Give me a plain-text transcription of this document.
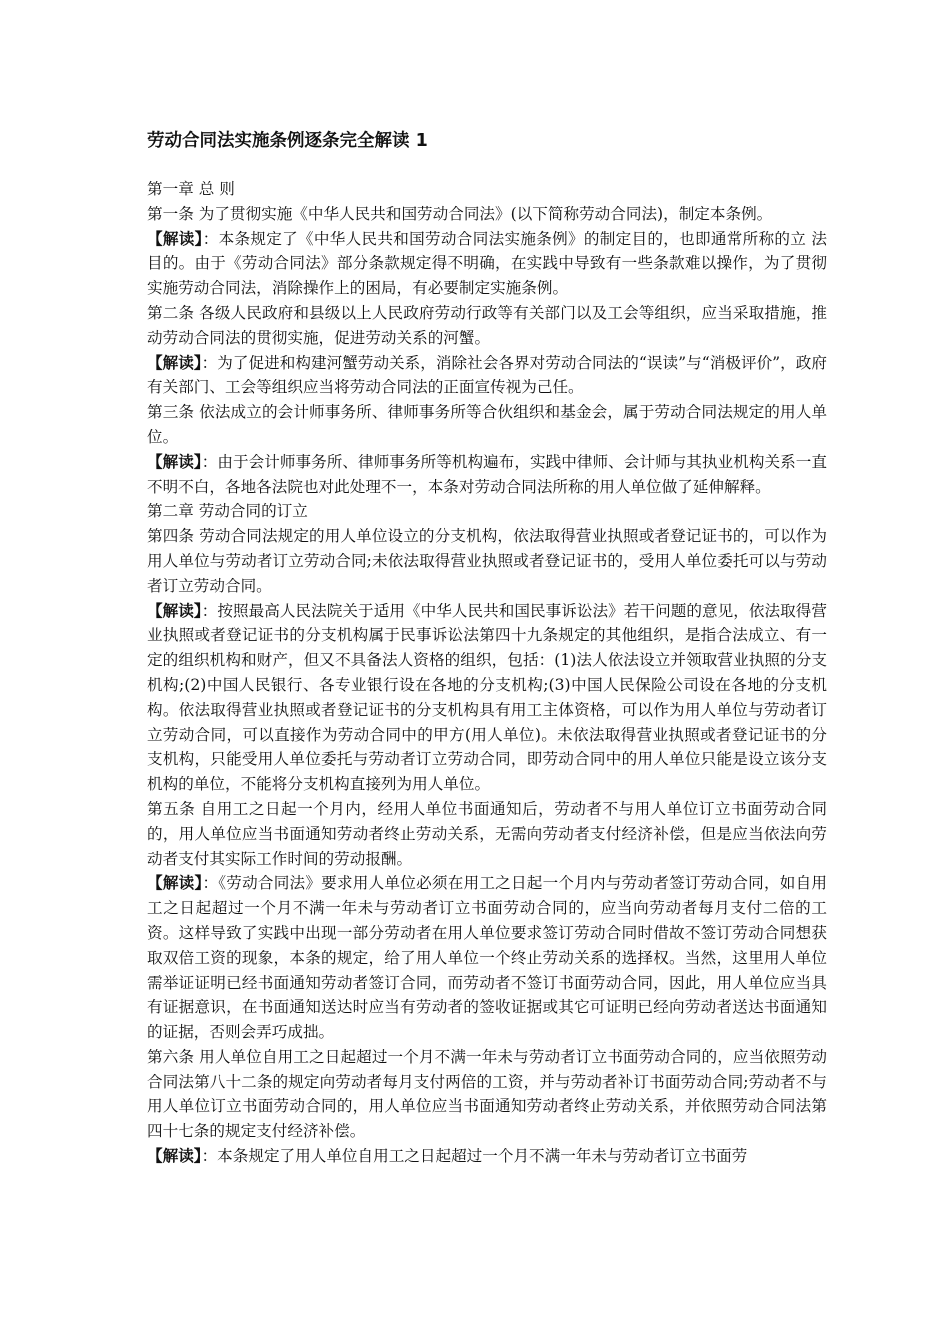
劳动合同法实施条例逐条完全解读 1
第一章 总 则
第一条 为了贯彻实施《中华人民共和国劳动合同法》(以下简称劳动合同法)，制定本条例。
【解读】：本条规定了《中华人民共和国劳动合同法实施条例》的制定目的，也即通常所称的立 法目的。由于《劳动合同法》部分条款规定得不明确，在实践中导致有一些条款难以操作，为了贯彻实施劳动合同法，消除操作上的困局，有必要制定实施条例。
第二条 各级人民政府和县级以上人民政府劳动行政等有关部门以及工会等组织，应当采取措施，推动劳动合同法的贯彻实施，促进劳动关系的河蟹。
【解读】：为了促进和构建河蟹劳动关系，消除社会各界对劳动合同法的“误读”与“消极评价”，政府有关部门、工会等组织应当将劳动合同法的正面宣传视为己任。
第三条 依法成立的会计师事务所、律师事务所等合伙组织和基金会，属于劳动合同法规定的用人单位。
【解读】：由于会计师事务所、律师事务所等机构遍布，实践中律师、会计师与其执业机构关系一直不明不白，各地各法院也对此处理不一，本条对劳动合同法所称的用人单位做了延伸解释。
第二章 劳动合同的订立
第四条 劳动合同法规定的用人单位设立的分支机构，依法取得营业执照或者登记证书的，可以作为用人单位与劳动者订立劳动合同;未依法取得营业执照或者登记证书的，受用人单位委托可以与劳动者订立劳动合同。
【解读】：按照最高人民法院关于适用《中华人民共和国民事诉讼法》若干问题的意见，依法取得营业执照或者登记证书的分支机构属于民事诉讼法第四十九条规定的其他组织，是指合法成立、有一定的组织机构和财产，但又不具备法人资格的组织，包括：(1)法人依法设立并领取营业执照的分支机构;(2)中国人民银行、各专业银行设在各地的分支机构;(3)中国人民保险公司设在各地的分支机构。依法取得营业执照或者登记证书的分支机构具有用工主体资格，可以作为用人单位与劳动者订立劳动合同，可以直接作为劳动合同中的甲方(用人单位)。未依法取得营业执照或者登记证书的分支机构，只能受用人单位委托与劳动者订立劳动合同，即劳动合同中的用人单位只能是设立该分支机构的单位，不能将分支机构直接列为用人单位。
第五条 自用工之日起一个月内，经用人单位书面通知后，劳动者不与用人单位订立书面劳动合同的，用人单位应当书面通知劳动者终止劳动关系，无需向劳动者支付经济补偿，但是应当依法向劳动者支付其实际工作时间的劳动报酬。
【解读】：《劳动合同法》要求用人单位必须在用工之日起一个月内与劳动者签订劳动合同，如自用工之日起超过一个月不满一年未与劳动者订立书面劳动合同的，应当向劳动者每月支付二倍的工资。这样导致了实践中出现一部分劳动者在用人单位要求签订劳动合同时借故不签订劳动合同想获取双倍工资的现象，本条的规定，给了用人单位一个终止劳动关系的选择权。当然，这里用人单位需举证证明已经书面通知劳动者签订合同，而劳动者不签订书面劳动合同，因此，用人单位应当具有证据意识，在书面通知送达时应当有劳动者的签收证据或其它可证明已经向劳动者送达书面通知的证据，否则会弄巧成拙。
第六条 用人单位自用工之日起超过一个月不满一年未与劳动者订立书面劳动合同的，应当依照劳动合同法第八十二条的规定向劳动者每月支付两倍的工资，并与劳动者补订书面劳动合同;劳动者不与用人单位订立书面劳动合同的，用人单位应当书面通知劳动者终止劳动关系，并依照劳动合同法第四十七条的规定支付经济补偿。
【解读】：本条规定了用人单位自用工之日起超过一个月不满一年未与劳动者订立书面劳
